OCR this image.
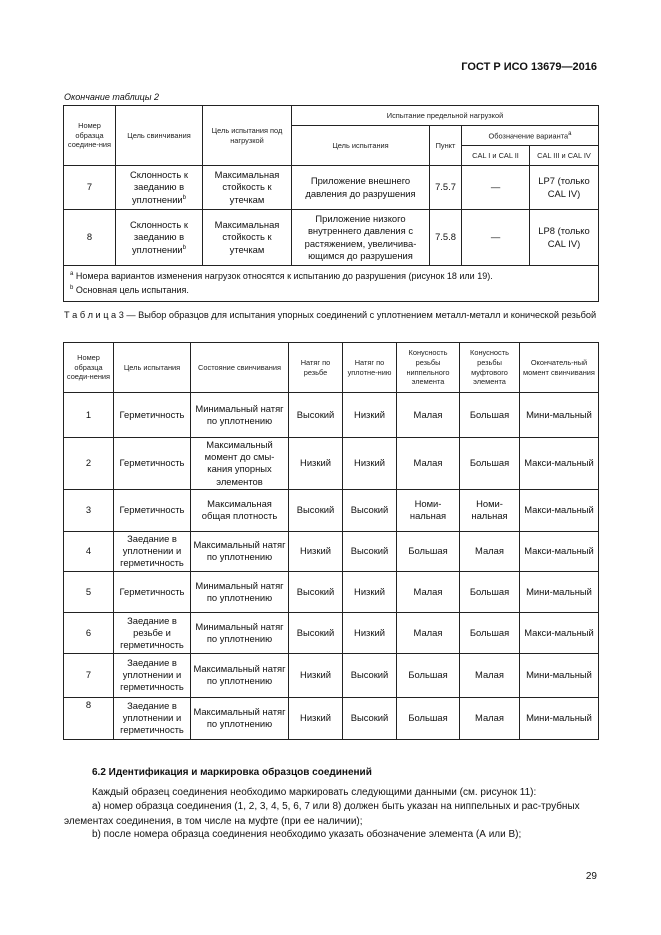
ГОСТ Р ИСО 13679—2016
Окончание таблицы 2
Номер образца соедине-ния	Цель свинчивания	Цель испытания под нагрузкой	Испытание предельной нагрузкой			
			Цель испытания	Пункт	Обозначение варианта$^a$
					CAL I и CAL II	CAL III и CAL IV
7	Склонность к заеданию в уплотнении$^b$	Максимальная стойкость к утечкам	Приложение внешнего давления до разрушения	7.5.7	—	LP7 (только CAL IV)
8	Склонность к заеданию в уплотнении$^b$	Максимальная стойкость к утечкам	Приложение низкого внутреннего давления с растяжением, увеличива-ющимся до разрушения	7.5.8	—	LP8 (только CAL IV)

$^a$ Номера вариантов изменения нагрузок относятся к испытанию до разрушения (рисунок 18 или 19).
$^b$ Основная цель испытания.						
Т а б л и ц а 3 — Выбор образцов для испытания упорных соединений с уплотнением металл-металл и конической резьбой
Номер образца соеди-нения	Цель испытания	Состояние свинчивания	Натяг по резьбе	Натяг по уплотне-нию	Конусность резьбы ниппельного элемента	Конусность резьбы муфтового элемента	Окончатель-ный момент свинчивания
1	Герметичность	Минимальный натяг по уплотнению	Высокий	Низкий	Малая	Большая	Мини-мальный
2	Герметичность	Максимальный момент до смы-кания упорных элементов	Низкий	Низкий	Малая	Большая	Макси-мальный
3	Герметичность	Максимальная общая плотность	Высокий	Высокий	Номи-нальная	Номи-нальная	Макси-мальный
4	Заедание в уплотнении и герметичность	Максимальный натяг по уплотнению	Низкий	Высокий	Большая	Малая	Макси-мальный
5	Герметичность	Минимальный натяг по уплотнению	Высокий	Низкий	Малая	Большая	Мини-мальный
6	Заедание в резьбе и герметичность	Минимальный натяг по уплотнению	Высокий	Низкий	Малая	Большая	Макси-мальный
7	Заедание в уплотнении и герметичность	Максимальный натяг по уплотнению	Низкий	Высокий	Большая	Малая	Мини-мальный
8	Заедание в уплотнении и герметичность	Максимальный натяг по уплотнению	Низкий	Высокий	Большая	Малая	Мини-мальный
6.2 Идентификация и маркировка образцов соединений
Каждый образец соединения необходимо маркировать следующими данными (см. рисунок 11):
а) номер образца соединения (1, 2, 3, 4, 5, 6, 7 или 8) должен быть указан на ниппельных и рас-трубных элементах соединения, в том числе на муфте (при ее наличии);
b) после номера образца соединения необходимо указать обозначение элемента (А или В);
29
